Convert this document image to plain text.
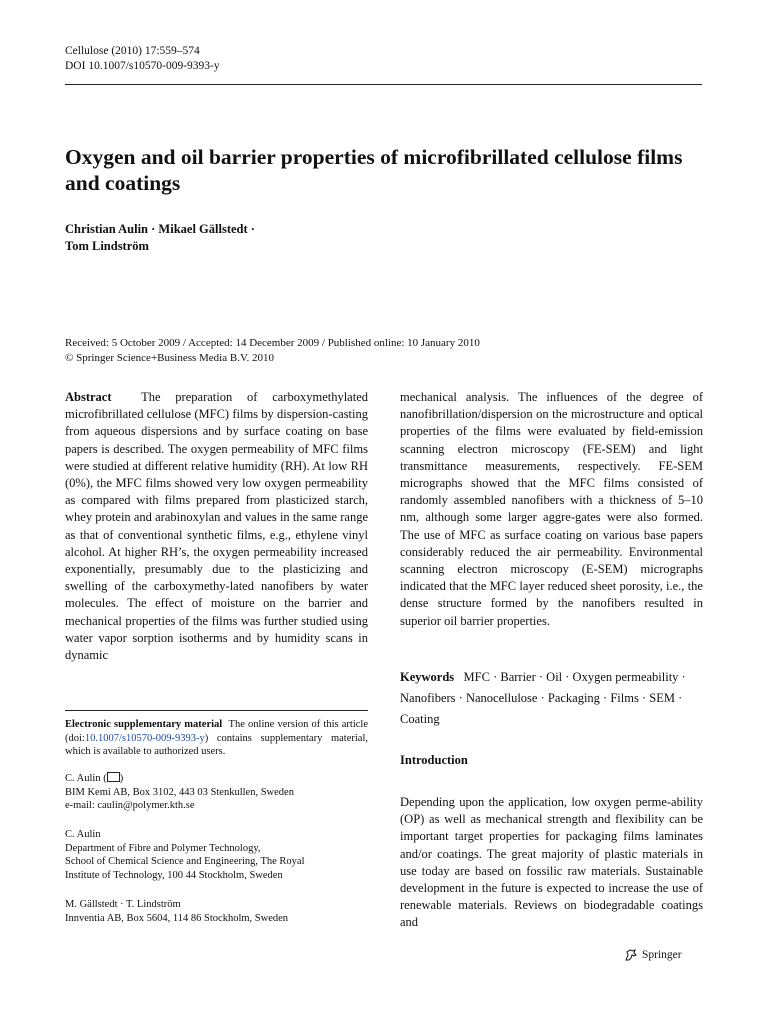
Cellulose (2010) 17:559–574
DOI 10.1007/s10570-009-9393-y
Oxygen and oil barrier properties of microfibrillated cellulose films and coatings
Christian Aulin · Mikael Gällstedt ·
Tom Lindström
Received: 5 October 2009 / Accepted: 14 December 2009 / Published online: 10 January 2010
© Springer Science+Business Media B.V. 2010

Abstract The preparation of carboxymethylated microfibrillated cellulose (MFC) films by dispersion-casting from aqueous dispersions and by surface coating on base papers is described. The oxygen permeability of MFC films were studied at different relative humidity (RH). At low RH (0%), the MFC films showed very low oxygen permeability as compared with films prepared from plasticized starch, whey protein and arabinoxylan and values in the same range as that of conventional synthetic films, e.g., ethylene vinyl alcohol. At higher RH’s, the oxygen permeability increased exponentially, presumably due to the plasticizing and swelling of the carboxymethy-lated nanofibers by water molecules. The effect of moisture on the barrier and mechanical properties of the films was further studied using water vapor sorption isotherms and by humidity scans in dynamic

mechanical analysis. The influences of the degree of nanofibrillation/dispersion on the microstructure and optical properties of the films were evaluated by field-emission scanning electron microscopy (FE-SEM) and light transmittance measurements, respectively. FE-SEM micrographs showed that the MFC films consisted of randomly assembled nanofibers with a thickness of 5–10 nm, although some larger aggre-gates were also formed. The use of MFC as surface coating on various base papers considerably reduced the air permeability. Environmental scanning electron microscopy (E-SEM) micrographs indicated that the MFC layer reduced sheet porosity, i.e., the dense structure formed by the nanofibers resulted in superior oil barrier properties.

Electronic supplementary material The online version of this article (doi:10.1007/s10570-009-9393-y) contains supplementary material, which is available to authorized users.
C. Aulin ( )
BIM Kemi AB, Box 3102, 443 03 Stenkullen, Sweden
e-mail: caulin@polymer.kth.se
C. Aulin
Department of Fibre and Polymer Technology,
School of Chemical Science and Engineering, The Royal
Institute of Technology, 100 44 Stockholm, Sweden
M. Gällstedt · T. Lindström
Innventia AB, Box 5604, 114 86 Stockholm, Sweden
Keywords MFC · Barrier · Oil · Oxygen permeability · Nanofibers · Nanocellulose · Packaging · Films · SEM · Coating
Introduction
Depending upon the application, low oxygen perme-ability (OP) as well as mechanical strength and flexibility can be important target properties for packaging films laminates and/or coatings. The great majority of plastic materials in use today are based on fossilic raw materials. Sustainable development in the future is expected to increase the use of renewable materials. Reviews on biodegradable coatings and
Springer
